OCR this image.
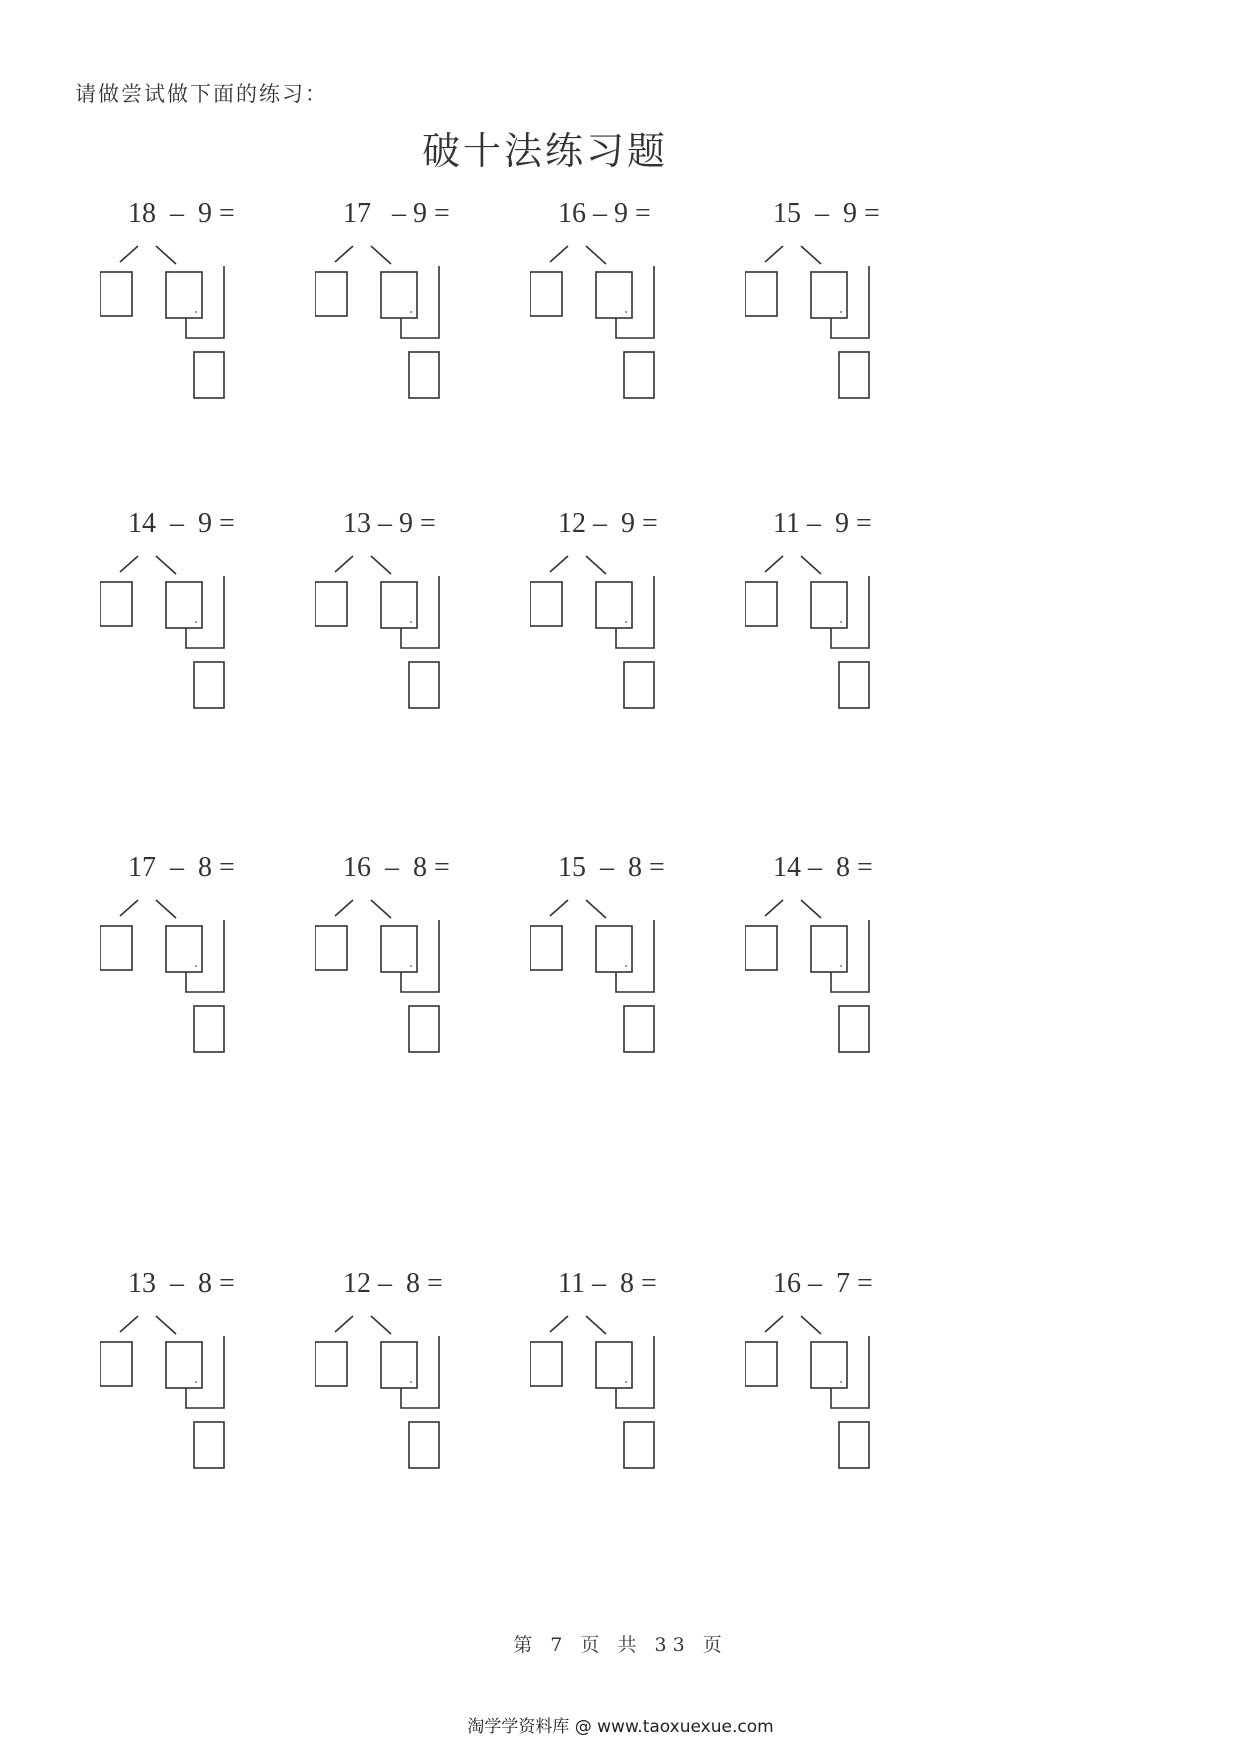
请做尝试做下面的练习：
破十法练习题
18  –  9 =	17   – 9 =	16 – 9 =	15  –  9 =
14  –  9 =	13 – 9 =	12 –  9 =	11 –  9 =
17  –  8 =	16  –  8 =	15  –  8 =	14 –  8 =
13  –  8 =	12 –  8 =	11 –  8 =	16 –  7 =
第 7 页 共 33 页
淘学学资料库 @ www.taoxuexue.com
